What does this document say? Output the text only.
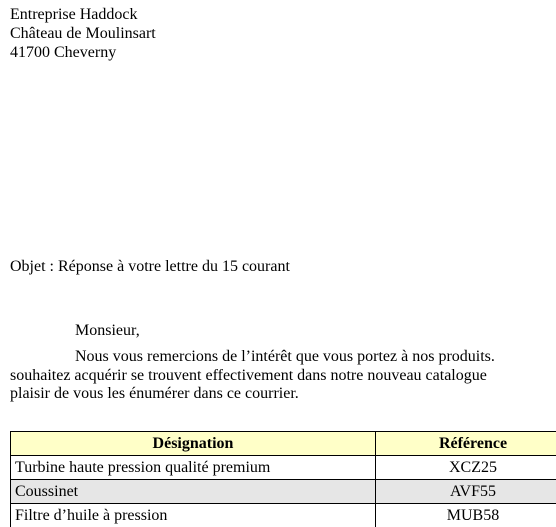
Entreprise Haddock
Château de Moulinsart
41700 Cheverny
Objet : Réponse à votre lettre du 15 courant
Monsieur,
Nous vous remercions de l’intérêt que vous portez à nos produits.
souhaitez acquérir se trouvent effectivement dans notre nouveau catalogue
plaisir de vous les énumérer dans ce courrier.
Désignation	Référence
Turbine haute pression qualité premium	XCZ25
Coussinet	AVF55
Filtre d’huile à pression	MUB58
